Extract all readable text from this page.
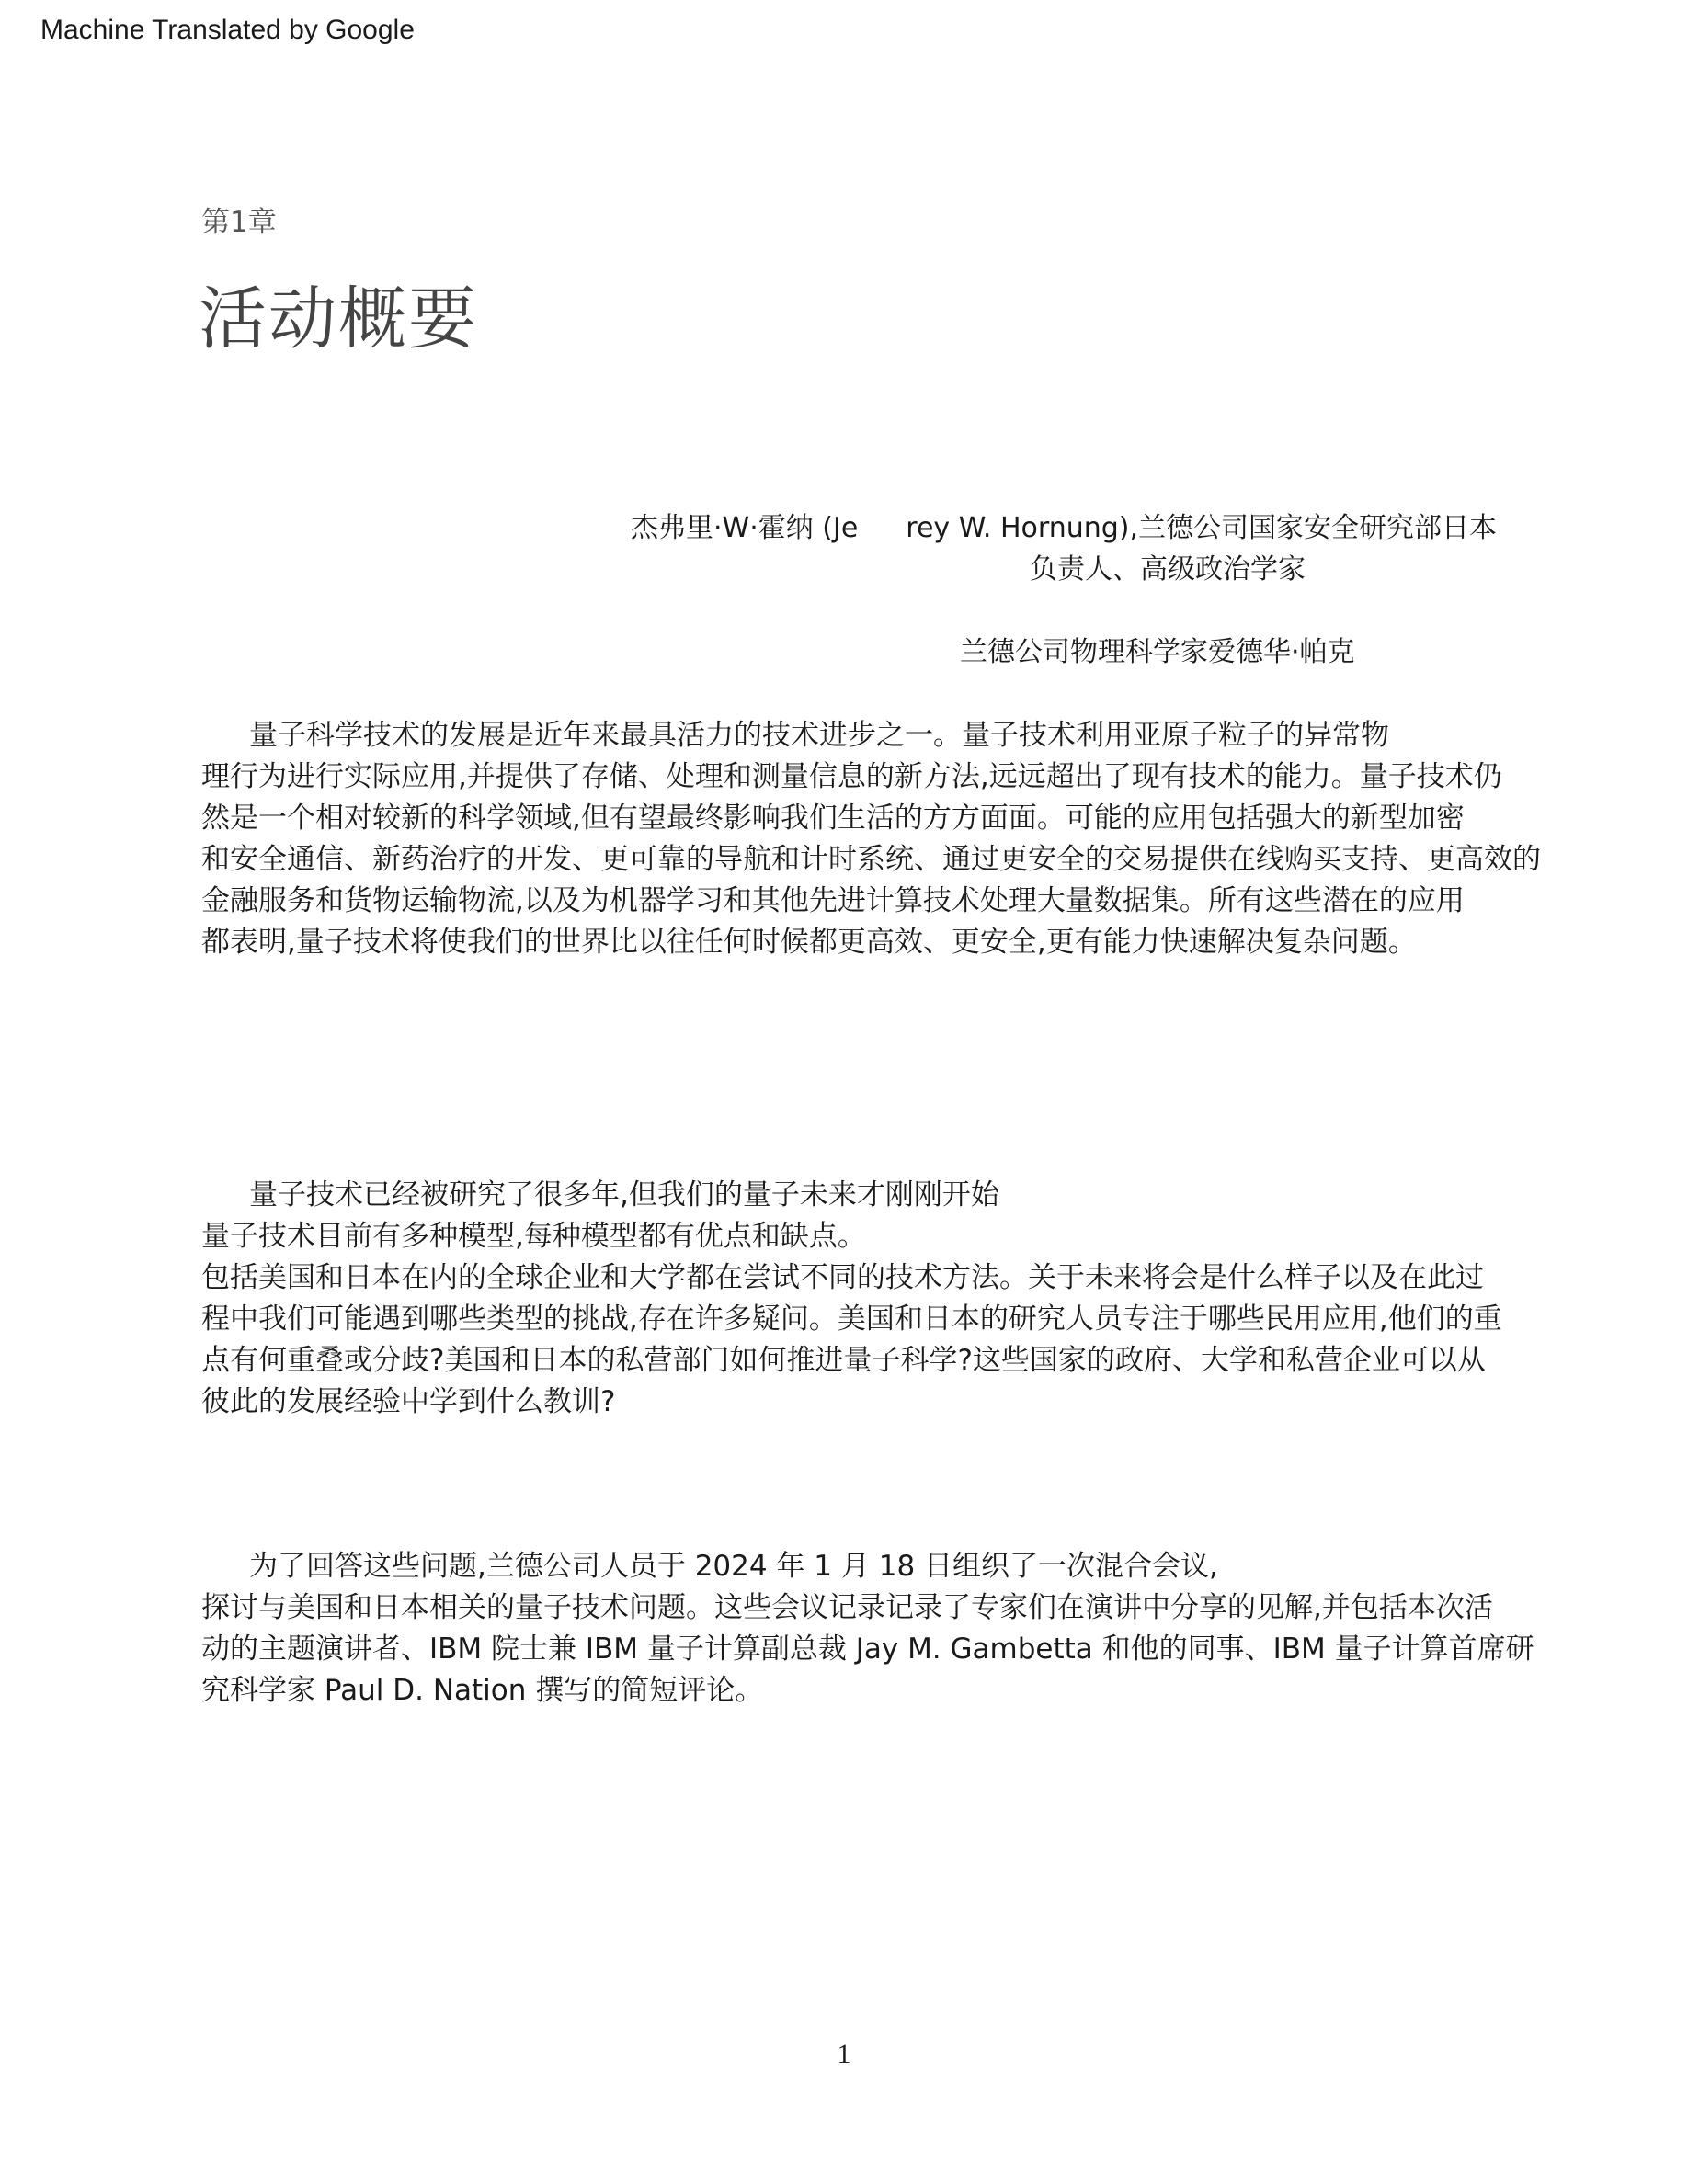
Machine Translated by Google
第1章
活动概要
杰弗里·W·霍纳 (Je rey W. Hornung),兰德公司国家安全研究部日本
负责人、高级政治学家
兰德公司物理科学家爱德华·帕克
量子科学技术的发展是近年来最具活力的技术进步之一。量子技术利用亚原子粒子的异常物
理行为进行实际应用,并提供了存储、处理和测量信息的新方法,远远超出了现有技术的能力。量子技术仍
然是一个相对较新的科学领域,但有望最终影响我们生活的方方面面。可能的应用包括强大的新型加密
和安全通信、新药治疗的开发、更可靠的导航和计时系统、通过更安全的交易提供在线购买支持、更高效的
金融服务和货物运输物流,以及为机器学习和其他先进计算技术处理大量数据集。所有这些潜在的应用
都表明,量子技术将使我们的世界比以往任何时候都更高效、更安全,更有能力快速解决复杂问题。
量子技术已经被研究了很多年,但我们的量子未来才刚刚开始
量子技术目前有多种模型,每种模型都有优点和缺点。
包括美国和日本在内的全球企业和大学都在尝试不同的技术方法。关于未来将会是什么样子以及在此过
程中我们可能遇到哪些类型的挑战,存在许多疑问。美国和日本的研究人员专注于哪些民用应用,他们的重
点有何重叠或分歧?美国和日本的私营部门如何推进量子科学?这些国家的政府、大学和私营企业可以从
彼此的发展经验中学到什么教训?
为了回答这些问题,兰德公司人员于 2024 年 1 月 18 日组织了一次混合会议,
探讨与美国和日本相关的量子技术问题。这些会议记录记录了专家们在演讲中分享的见解,并包括本次活
动的主题演讲者、IBM 院士兼 IBM 量子计算副总裁 Jay M. Gambetta 和他的同事、IBM 量子计算首席研
究科学家 Paul D. Nation 撰写的简短评论。
1
